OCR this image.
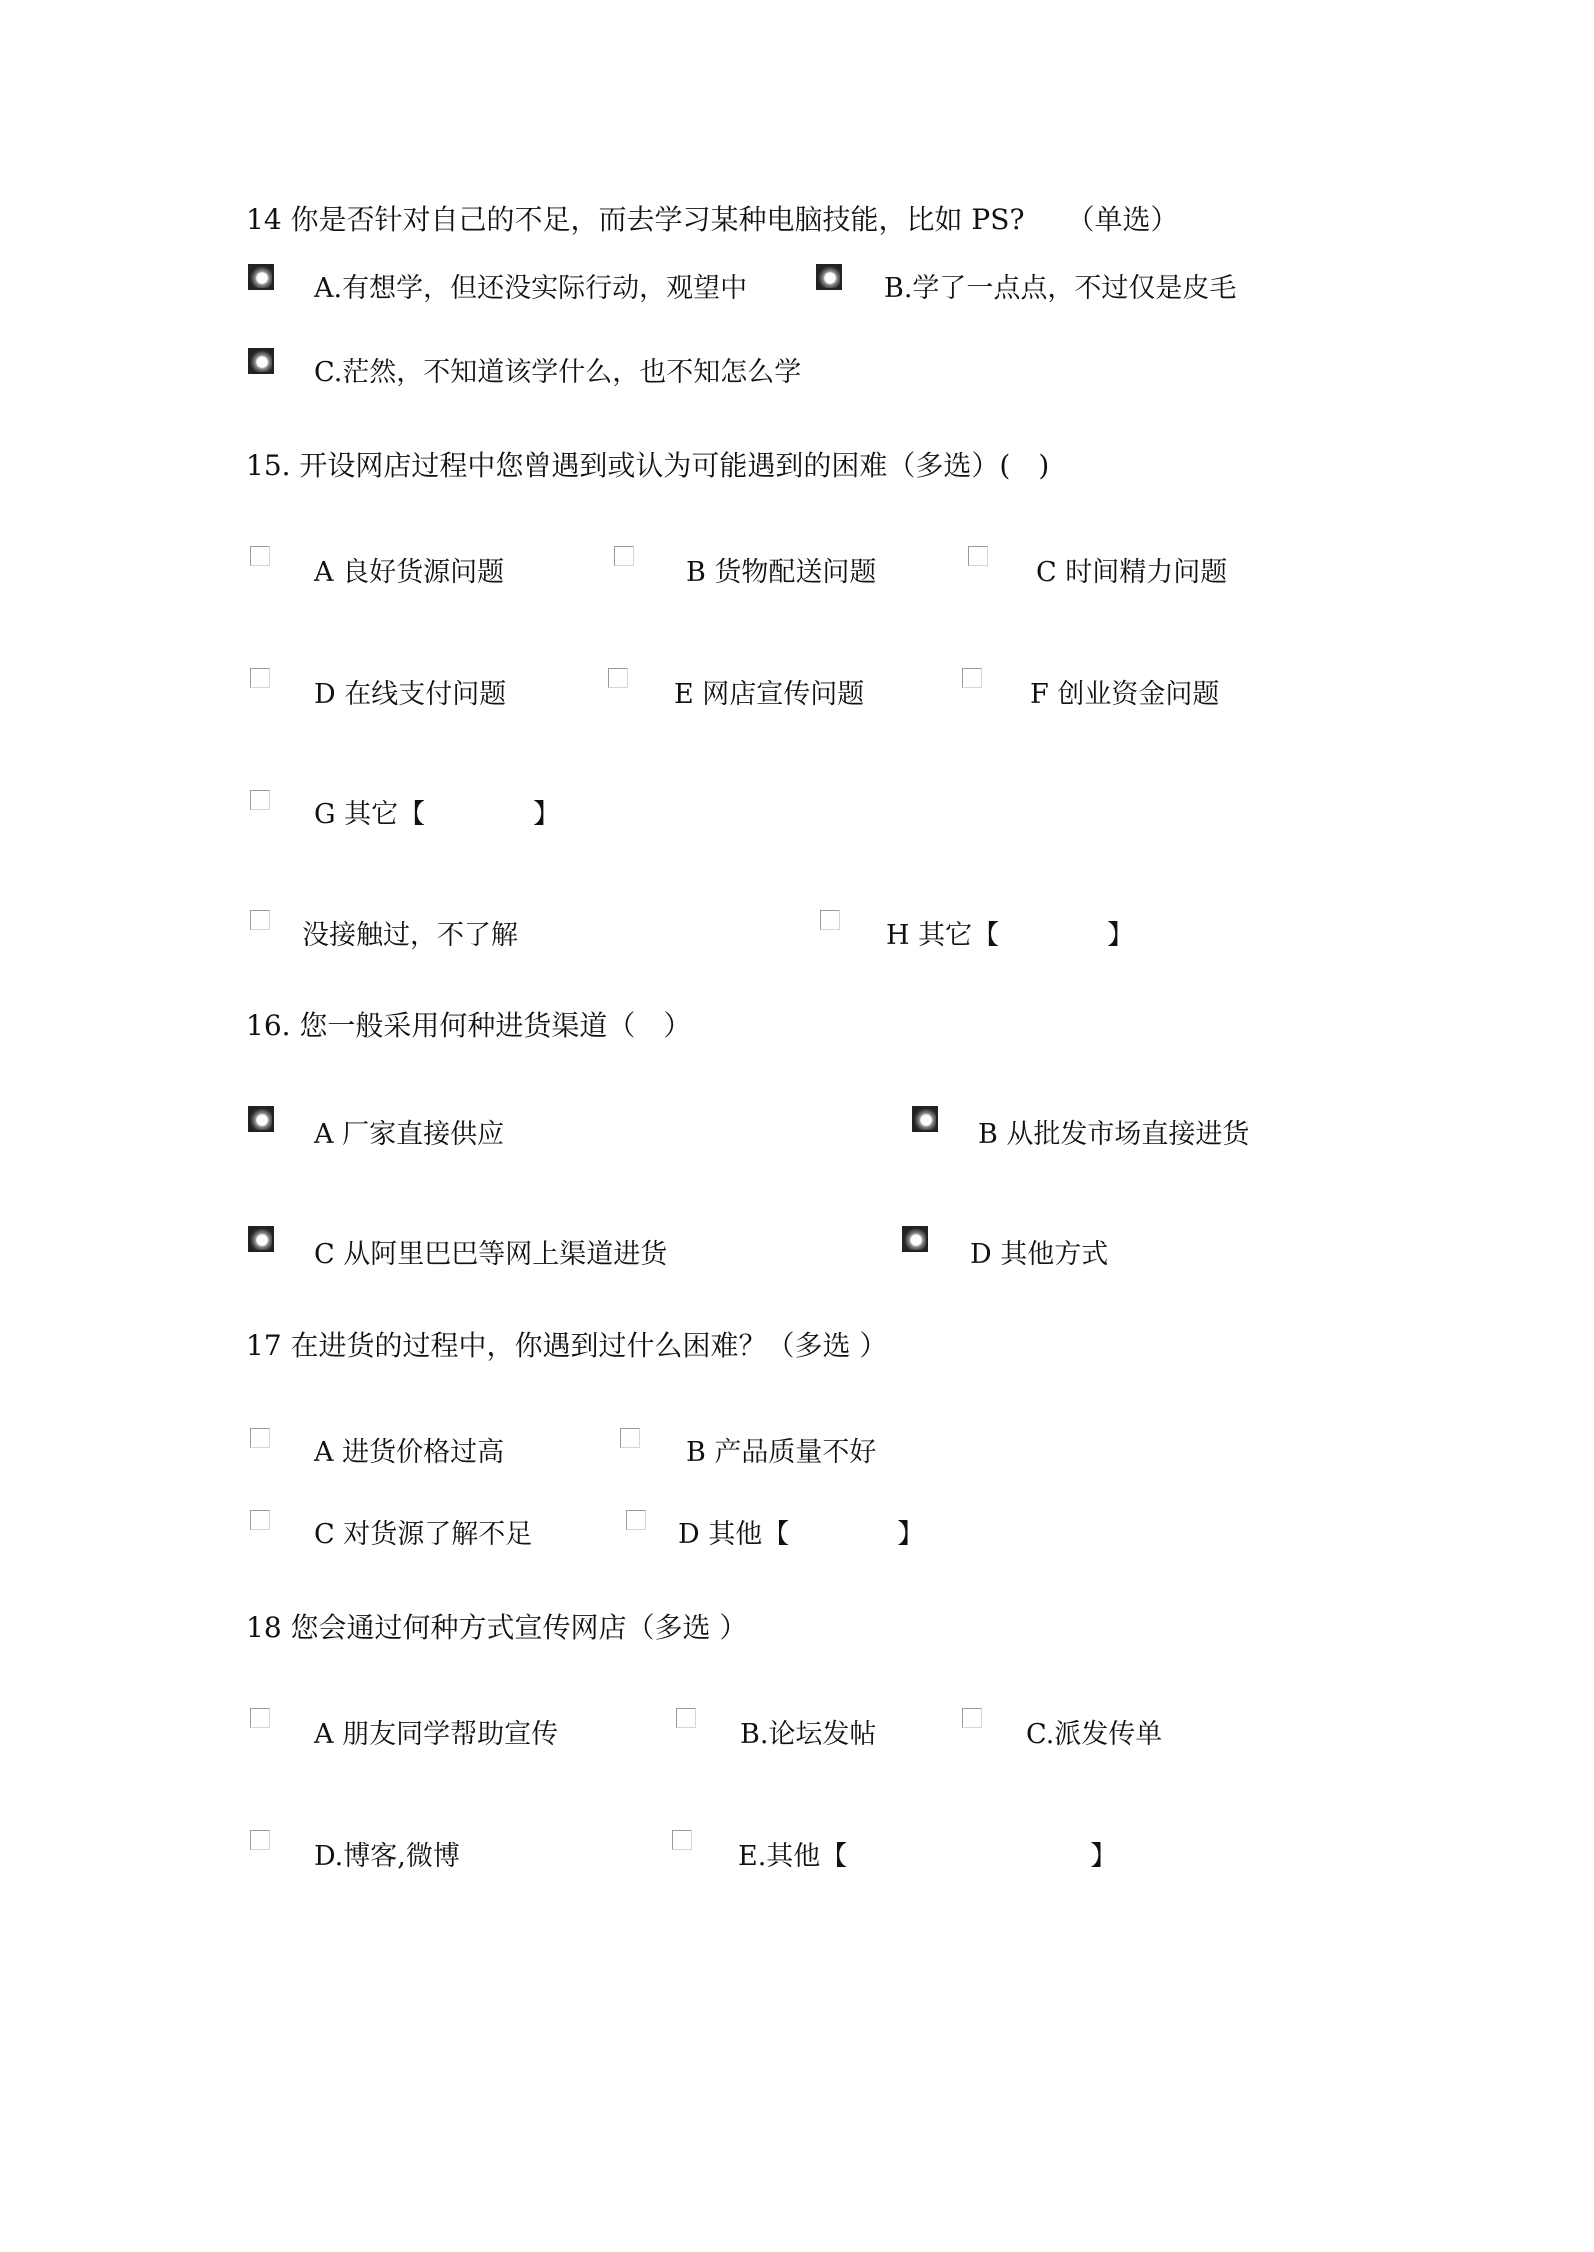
14 你是否针对自己的不足，而去学习某种电脑技能，比如 PS?　　（单选）
A.有想学，但还没实际行动，观望中	B.学了一点点，不过仅是皮毛
C.茫然，不知道该学什么，也不知怎么学
15. 开设网店过程中您曾遇到或认为可能遇到的困难（多选）(　)
A 良好货源问题	B 货物配送问题	C 时间精力问题
D 在线支付问题	E 网店宣传问题	F 创业资金问题
G 其它【　　　　】
没接触过，不了解	H 其它【　　　　】
16. 您一般采用何种进货渠道（　）
A 厂家直接供应	B 从批发市场直接进货
C 从阿里巴巴等网上渠道进货	D 其他方式
17 在进货的过程中，你遇到过什么困难？（多选 ）
A 进货价格过高	B 产品质量不好
C 对货源了解不足	D 其他【　　　　】
18 您会通过何种方式宣传网店（多选 ）
A 朋友同学帮助宣传	B.论坛发帖	C.派发传单
D.博客,微博	E.其他【　　　　　　　　　】
